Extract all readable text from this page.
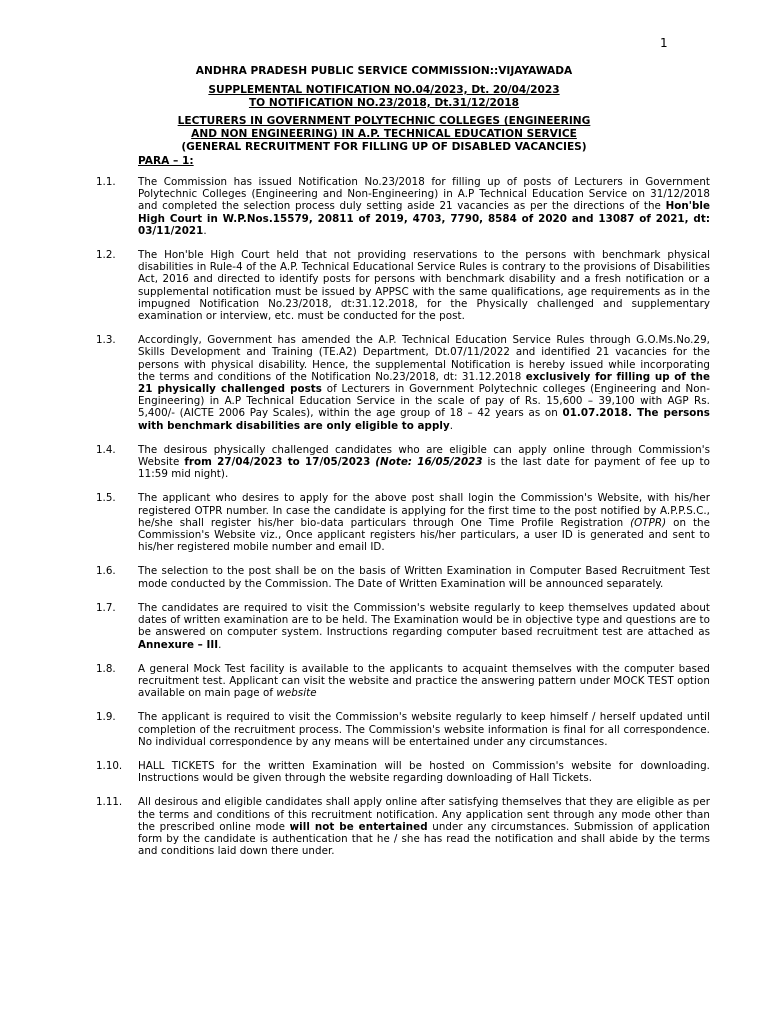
1
ANDHRA PRADESH PUBLIC SERVICE COMMISSION::VIJAYAWADA
SUPPLEMENTAL NOTIFICATION NO.04/2023, Dt. 20/04/2023
TO NOTIFICATION NO.23/2018, Dt.31/12/2018
LECTURERS IN GOVERNMENT POLYTECHNIC COLLEGES (ENGINEERING
AND NON ENGINEERING) IN A.P. TECHNICAL EDUCATION SERVICE
(GENERAL RECRUITMENT FOR FILLING UP OF DISABLED VACANCIES)
PARA – 1:
1.1. The Commission has issued Notification No.23/2018 for filling up of posts of Lecturers in Government Polytechnic Colleges (Engineering and Non-Engineering) in A.P Technical Education Service on 31/12/2018 and completed the selection process duly setting aside 21 vacancies as per the directions of the Hon'ble High Court in W.P.Nos.15579, 20811 of 2019, 4703, 7790, 8584 of 2020 and 13087 of 2021, dt: 03/11/2021.

1.2. The Hon'ble High Court held that not providing reservations to the persons with benchmark physical disabilities in Rule-4 of the A.P. Technical Educational Service Rules is contrary to the provisions of Disabilities Act, 2016 and directed to identify posts for persons with benchmark disability and a fresh notification or a supplemental notification must be issued by APPSC with the same qualifications, age requirements as in the impugned Notification No.23/2018, dt:31.12.2018, for the Physically challenged and supplementary examination or interview, etc. must be conducted for the post.

1.3. Accordingly, Government has amended the A.P. Technical Education Service Rules through G.O.Ms.No.29, Skills Development and Training (TE.A2) Department, Dt.07/11/2022 and identified 21 vacancies for the persons with physical disability. Hence, the supplemental Notification is hereby issued while incorporating the terms and conditions of the Notification No.23/2018, dt: 31.12.2018 exclusively for filling up of the 21 physically challenged posts of Lecturers in Government Polytechnic colleges (Engineering and Non-Engineering) in A.P Technical Education Service in the scale of pay of Rs. 15,600 – 39,100 with AGP Rs. 5,400/- (AICTE 2006 Pay Scales), within the age group of 18 – 42 years as on 01.07.2018. The persons with benchmark disabilities are only eligible to apply.

1.4. The desirous physically challenged candidates who are eligible can apply online through Commission's Website from 27/04/2023 to 17/05/2023 (Note: 16/05/2023 is the last date for payment of fee up to 11:59 mid night).

1.5. The applicant who desires to apply for the above post shall login the Commission's Website, with his/her registered OTPR number. In case the candidate is applying for the first time to the post notified by A.P.P.S.C., he/she shall register his/her bio-data particulars through One Time Profile Registration (OTPR) on the Commission's Website viz., Once applicant registers his/her particulars, a user ID is generated and sent to his/her registered mobile number and email ID.

1.6. The selection to the post shall be on the basis of Written Examination in Computer Based Recruitment Test mode conducted by the Commission. The Date of Written Examination will be announced separately.

1.7. The candidates are required to visit the Commission's website regularly to keep themselves updated about dates of written examination are to be held. The Examination would be in objective type and questions are to be answered on computer system. Instructions regarding computer based recruitment test are attached as Annexure – III.

1.8. A general Mock Test facility is available to the applicants to acquaint themselves with the computer based recruitment test. Applicant can visit the website and practice the answering pattern under MOCK TEST option available on main page of website

1.9. The applicant is required to visit the Commission's website regularly to keep himself / herself updated until completion of the recruitment process. The Commission's website information is final for all correspondence. No individual correspondence by any means will be entertained under any circumstances.

1.10. HALL TICKETS for the written Examination will be hosted on Commission's website for downloading. Instructions would be given through the website regarding downloading of Hall Tickets.

1.11. All desirous and eligible candidates shall apply online after satisfying themselves that they are eligible as per the terms and conditions of this recruitment notification. Any application sent through any mode other than the prescribed online mode will not be entertained under any circumstances. Submission of application form by the candidate is authentication that he / she has read the notification and shall abide by the terms and conditions laid down there under.
